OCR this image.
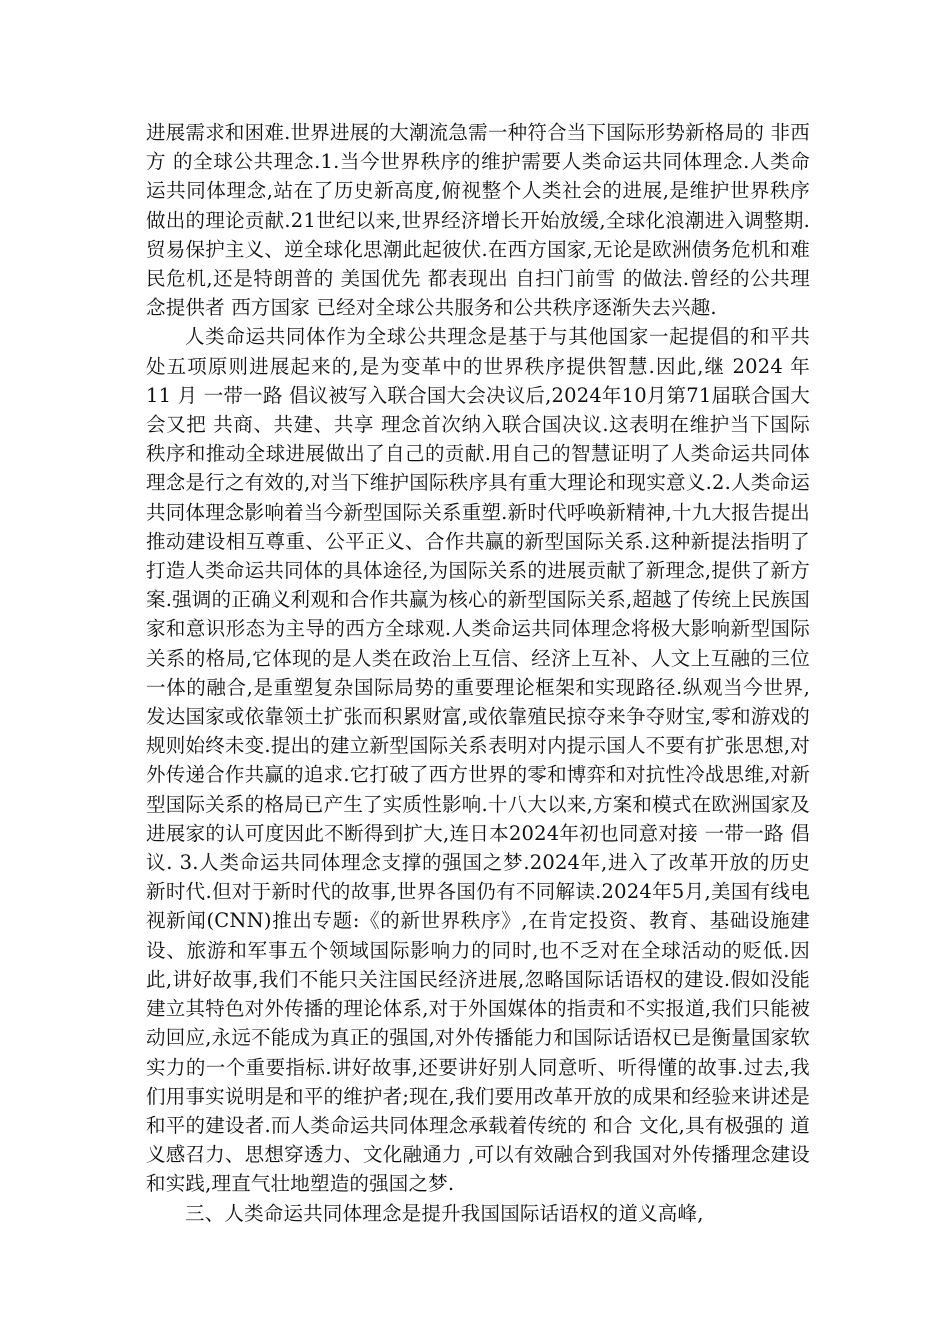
进展需求和困难.世界进展的大潮流急需一种符合当下国际形势新格局的 非西方 的全球公共理念.1.当今世界秩序的维护需要人类命运共同体理念.人类命运共同体理念,站在了历史新高度,俯视整个人类社会的进展,是维护世界秩序做出的理论贡献.21世纪以来,世界经济增长开始放缓,全球化浪潮进入调整期.贸易保护主义、逆全球化思潮此起彼伏.在西方国家,无论是欧洲债务危机和难民危机,还是特朗普的 美国优先 都表现出 自扫门前雪 的做法.曾经的公共理念提供者 西方国家 已经对全球公共服务和公共秩序逐渐失去兴趣.

人类命运共同体作为全球公共理念是基于与其他国家一起提倡的和平共处五项原则进展起来的,是为变革中的世界秩序提供智慧.因此,继 2024 年 11 月 一带一路 倡议被写入联合国大会决议后,2024年10月第71届联合国大会又把 共商、共建、共享 理念首次纳入联合国决议.这表明在维护当下国际秩序和推动全球进展做出了自己的贡献.用自己的智慧证明了人类命运共同体理念是行之有效的,对当下维护国际秩序具有重大理论和现实意义.2.人类命运共同体理念影响着当今新型国际关系重塑.新时代呼唤新精神,十九大报告提出推动建设相互尊重、公平正义、合作共赢的新型国际关系.这种新提法指明了打造人类命运共同体的具体途径,为国际关系的进展贡献了新理念,提供了新方案.强调的正确义利观和合作共赢为核心的新型国际关系,超越了传统上民族国家和意识形态为主导的西方全球观.人类命运共同体理念将极大影响新型国际关系的格局,它体现的是人类在政治上互信、经济上互补、人文上互融的三位一体的融合,是重塑复杂国际局势的重要理论框架和实现路径.纵观当今世界,发达国家或依靠领土扩张而积累财富,或依靠殖民掠夺来争夺财宝,零和游戏的规则始终未变.提出的建立新型国际关系表明对内提示国人不要有扩张思想,对外传递合作共赢的追求.它打破了西方世界的零和博弈和对抗性冷战思维,对新型国际关系的格局已产生了实质性影响.十八大以来,方案和模式在欧洲国家及进展家的认可度因此不断得到扩大,连日本2024年初也同意对接 一带一路 倡议. 3.人类命运共同体理念支撑的强国之梦.2024年,进入了改革开放的历史新时代.但对于新时代的故事,世界各国仍有不同解读.2024年5月,美国有线电视新闻(CNN)推出专题:《的新世界秩序》,在肯定投资、教育、基础设施建设、旅游和军事五个领域国际影响力的同时,也不乏对在全球活动的贬低.因此,讲好故事,我们不能只关注国民经济进展,忽略国际话语权的建设.假如没能建立其特色对外传播的理论体系,对于外国媒体的指责和不实报道,我们只能被动回应,永远不能成为真正的强国,对外传播能力和国际话语权已是衡量国家软实力的一个重要指标.讲好故事,还要讲好别人同意听、听得懂的故事.过去,我们用事实说明是和平的维护者;现在,我们要用改革开放的成果和经验来讲述是和平的建设者.而人类命运共同体理念承载着传统的 和合 文化,具有极强的 道义感召力、思想穿透力、文化融通力 ,可以有效融合到我国对外传播理念建设和实践,理直气壮地塑造的强国之梦.

三、人类命运共同体理念是提升我国国际话语权的道义高峰,
